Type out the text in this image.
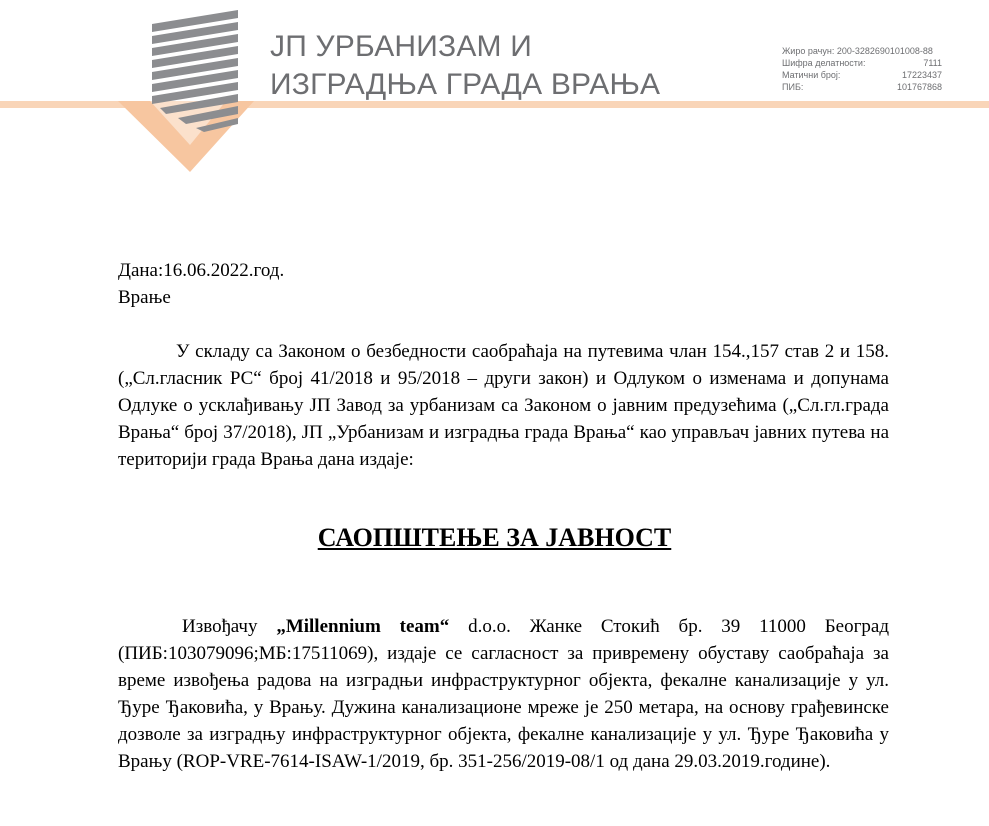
ЈП УРБАНИЗАМ И
ИЗГРАДЊА ГРАДА ВРАЊА
Жиро рачун: 200-3282690101008-88
Шифра делатности:	7111
Матични број:	17223437
ПИБ:	101767868
Дана:16.06.2022.год.
Врање

У складу са Законом о безбедности саобраћаја на путевима члан 154.,157 став 2 и 158. („Сл.гласник РС“ број 41/2018 и 95/2018 – други закон) и Одлуком о изменама и допунама Одлуке о усклађивању ЈП Завод за урбанизам са Законом о јавним предузећима („Сл.гл.града Врања“ број 37/2018), ЈП „Урбанизам и изградња града Врања“ као управљач јавних путева на територији града Врања дана издаје:

САОПШТЕЊЕ ЗА ЈАВНОСТ

Извођачу „Millennium team“ d.o.o. Жанке Стокић бр. 39 11000 Београд (ПИБ:103079096;МБ:17511069), издаје се сагласност за привремену обуставу саобраћаја за време извођења радова на изградњи инфраструктурног објекта, фекалне канализације у ул. Ђуре Ђаковића, у Врању. Дужина канализационе мреже је 250 метара, на основу грађевинске дозволе за изградњу инфраструктурног објекта, фекалне канализације у ул. Ђуре Ђаковића у Врању (ROP-VRE-7614-ISAW-1/2019, бр. 351-256/2019-08/1 од дана 29.03.2019.године).
